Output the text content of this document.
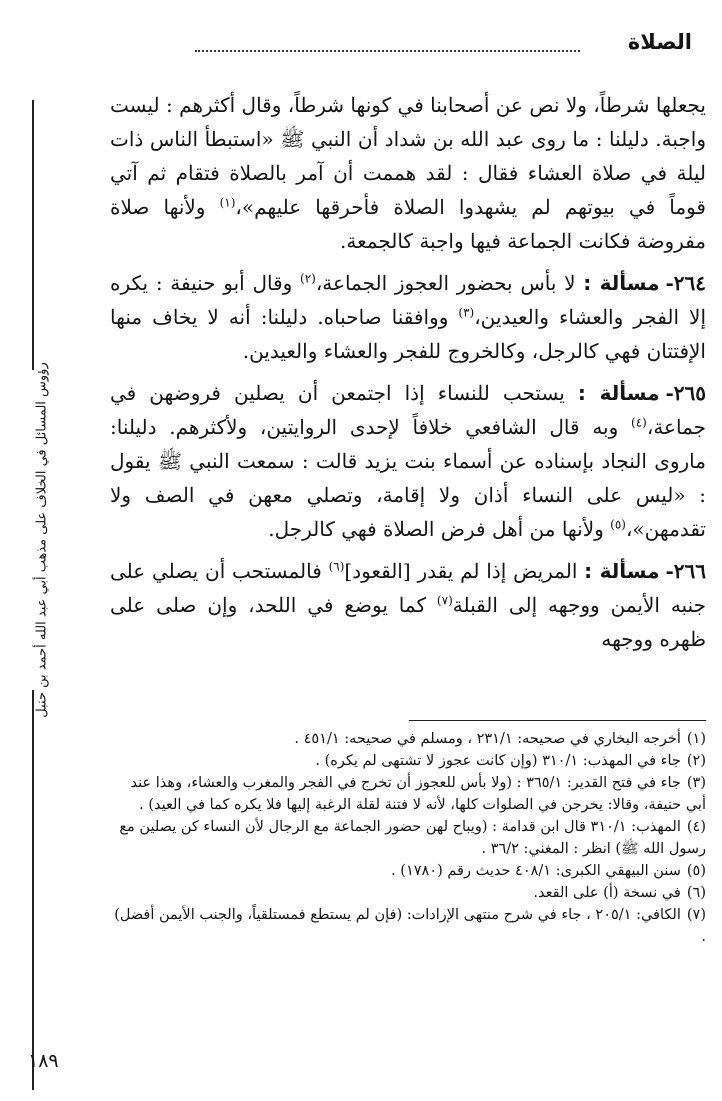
الصلاة

يجعلها شرطاً، ولا نص عن أصحابنا في كونها شرطاً، وقال أكثرهم : ليست واجبة. دليلنا : ما روى عبد الله بن شداد أن النبي ﷺ «استبطأ الناس ذات ليلة في صلاة العشاء فقال : لقد هممت أن آمر بالصلاة فتقام ثم آتي قوماً في بيوتهم لم يشهدوا الصلاة فأحرقها عليهم»،$^{(١)}$ ولأنها صلاة مفروضة فكانت الجماعة فيها واجبة كالجمعة.

٢٦٤-مسألة : لا بأس بحضور العجوز الجماعة،$^{(٢)}$ وقال أبو حنيفة : يكره إلا الفجر والعشاء والعيدين،$^{(٣)}$ ووافقنا صاحباه. دليلنا: أنه لا يخاف منها الإفتتان فهي كالرجل، وكالخروج للفجر والعشاء والعيدين.

٢٦٥-مسألة : يستحب للنساء إذا اجتمعن أن يصلين فروضهن في جماعة،$^{(٤)}$ وبه قال الشافعي خلافاً لإحدى الروايتين، ولأكثرهم. دليلنا: ماروى النجاد بإسناده عن أسماء بنت يزيد قالت : سمعت النبي ﷺ يقول : «ليس على النساء أذان ولا إقامة، وتصلي معهن في الصف ولا تقدمهن»،$^{(٥)}$ ولأنها من أهل فرض الصلاة فهي كالرجل.

٢٦٦-مسألة : المريض إذا لم يقدر [القعود]$^{(٦)}$ فالمستحب أن يصلي على جنبه الأيمن ووجهه إلى القبلة$^{(٧)}$ كما يوضع في اللحد، وإن صلى على ظهره ووجهه

(١)أخرجه البخاري في صحيحه: ٢٣١/١ ، ومسلم في صحيحه: ٤٥١/١ .

(٢)جاء في المهذب: ٣١٠/١ (وإن كانت عجوز لا تشتهى لم يكره) .

(٣)جاء في فتح القدير: ٣٦٥/١ : (ولا بأس للعجوز أن تخرج في الفجر والمغرب والعشاء، وهذا عند أبي حنيفة، وقالا: يخرجن في الصلوات كلها، لأنه لا فتنة لقلة الرغبة إليها فلا يكره كما في العيد) .

(٤)المهذب: ٣١٠/١ قال ابن قدامة : (ويباح لهن حضور الجماعة مع الرجال لأن النساء كن يصلين مع رسول الله ﷺ) انظر : المغني: ٣٦/٢ .

(٥)سنن البيهقي الكبرى: ٤٠٨/١ حديث رقم (١٧٨٠) .

(٦)في نسخة (أ) على القعد.

(٧)الكافي: ٢٠٥/١ ، جاء في شرح منتهى الإرادات: (فإن لم يستطع فمستلقياً، والجنب الأيمن أفضل) .

رؤوس المسائل في الخلاف على مذهب أبي عبد الله أحمد بن حنبل
١٨٩
